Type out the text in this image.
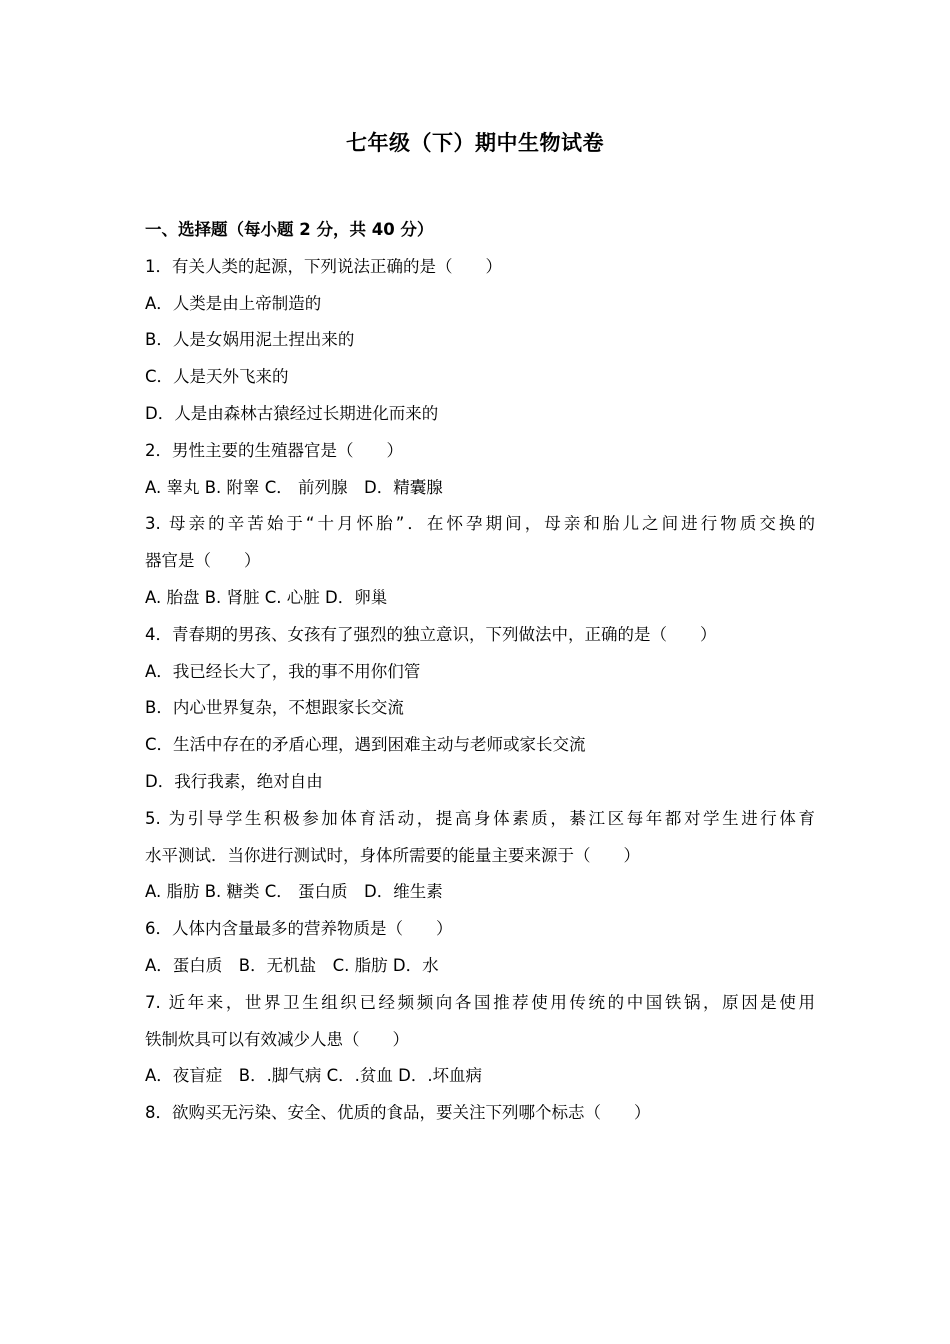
七年级（下）期中生物试卷
一、选择题（每小题 2 分，共 40 分）
1．有关人类的起源，下列说法正确的是（　　）
A．人类是由上帝制造的
B．人是女娲用泥土捏出来的
C．人是天外飞来的
D．人是由森林古猿经过长期进化而来的
2．男性主要的生殖器官是（　　）
A. 睾丸 B. 附睾 C． 前列腺　D．精囊腺
3. 母亲的辛苦始于“十月怀胎”．在怀孕期间，母亲和胎儿之间进行物质交换的
器官是（　　）
A. 胎盘 B. 肾脏 C. 心脏 D．卵巢
4．青春期的男孩、女孩有了强烈的独立意识，下列做法中，正确的是（　　）
A．我已经长大了，我的事不用你们管
B．内心世界复杂，不想跟家长交流
C．生活中存在的矛盾心理，遇到困难主动与老师或家长交流
D．我行我素，绝对自由
5. 为引导学生积极参加体育活动，提高身体素质，綦江区每年都对学生进行体育
水平测试．当你进行测试时，身体所需要的能量主要来源于（　　）
A. 脂肪 B. 糖类 C． 蛋白质　D．维生素
6．人体内含量最多的营养物质是（　　）
A．蛋白质　B．无机盐　C. 脂肪 D．水
7. 近年来，世界卫生组织已经频频向各国推荐使用传统的中国铁锅，原因是使用
铁制炊具可以有效减少人患（　　）
A．夜盲症　B．.脚气病 C．.贫血 D．.坏血病
8．欲购买无污染、安全、优质的食品，要关注下列哪个标志（　　）
